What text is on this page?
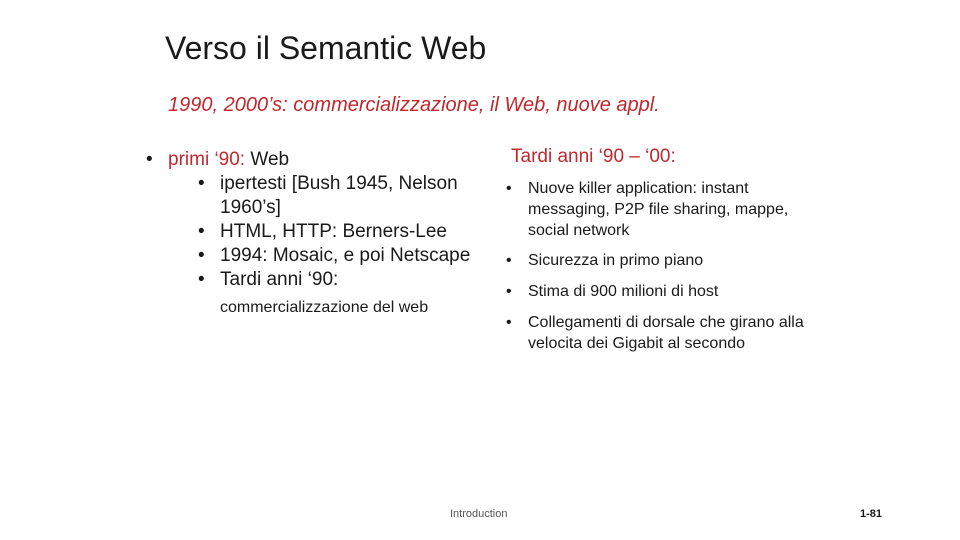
Verso il Semantic Web
1990, 2000’s: commercializzazione, il Web, nuove appl.
• primi ‘90: Web
• ipertesti [Bush 1945, Nelson 1960’s]
• HTML, HTTP: Berners-Lee
• 1994: Mosaic, e poi Netscape
• Tardi anni ‘90:
commercializzazione del web
Tardi anni ‘90 – ‘00:
• Nuove killer application: instant messaging, P2P file sharing, mappe, social network
• Sicurezza in primo piano
• Stima di 900 milioni di host
• Collegamenti di dorsale che girano alla velocita dei Gigabit al secondo
Introduction	1-81
